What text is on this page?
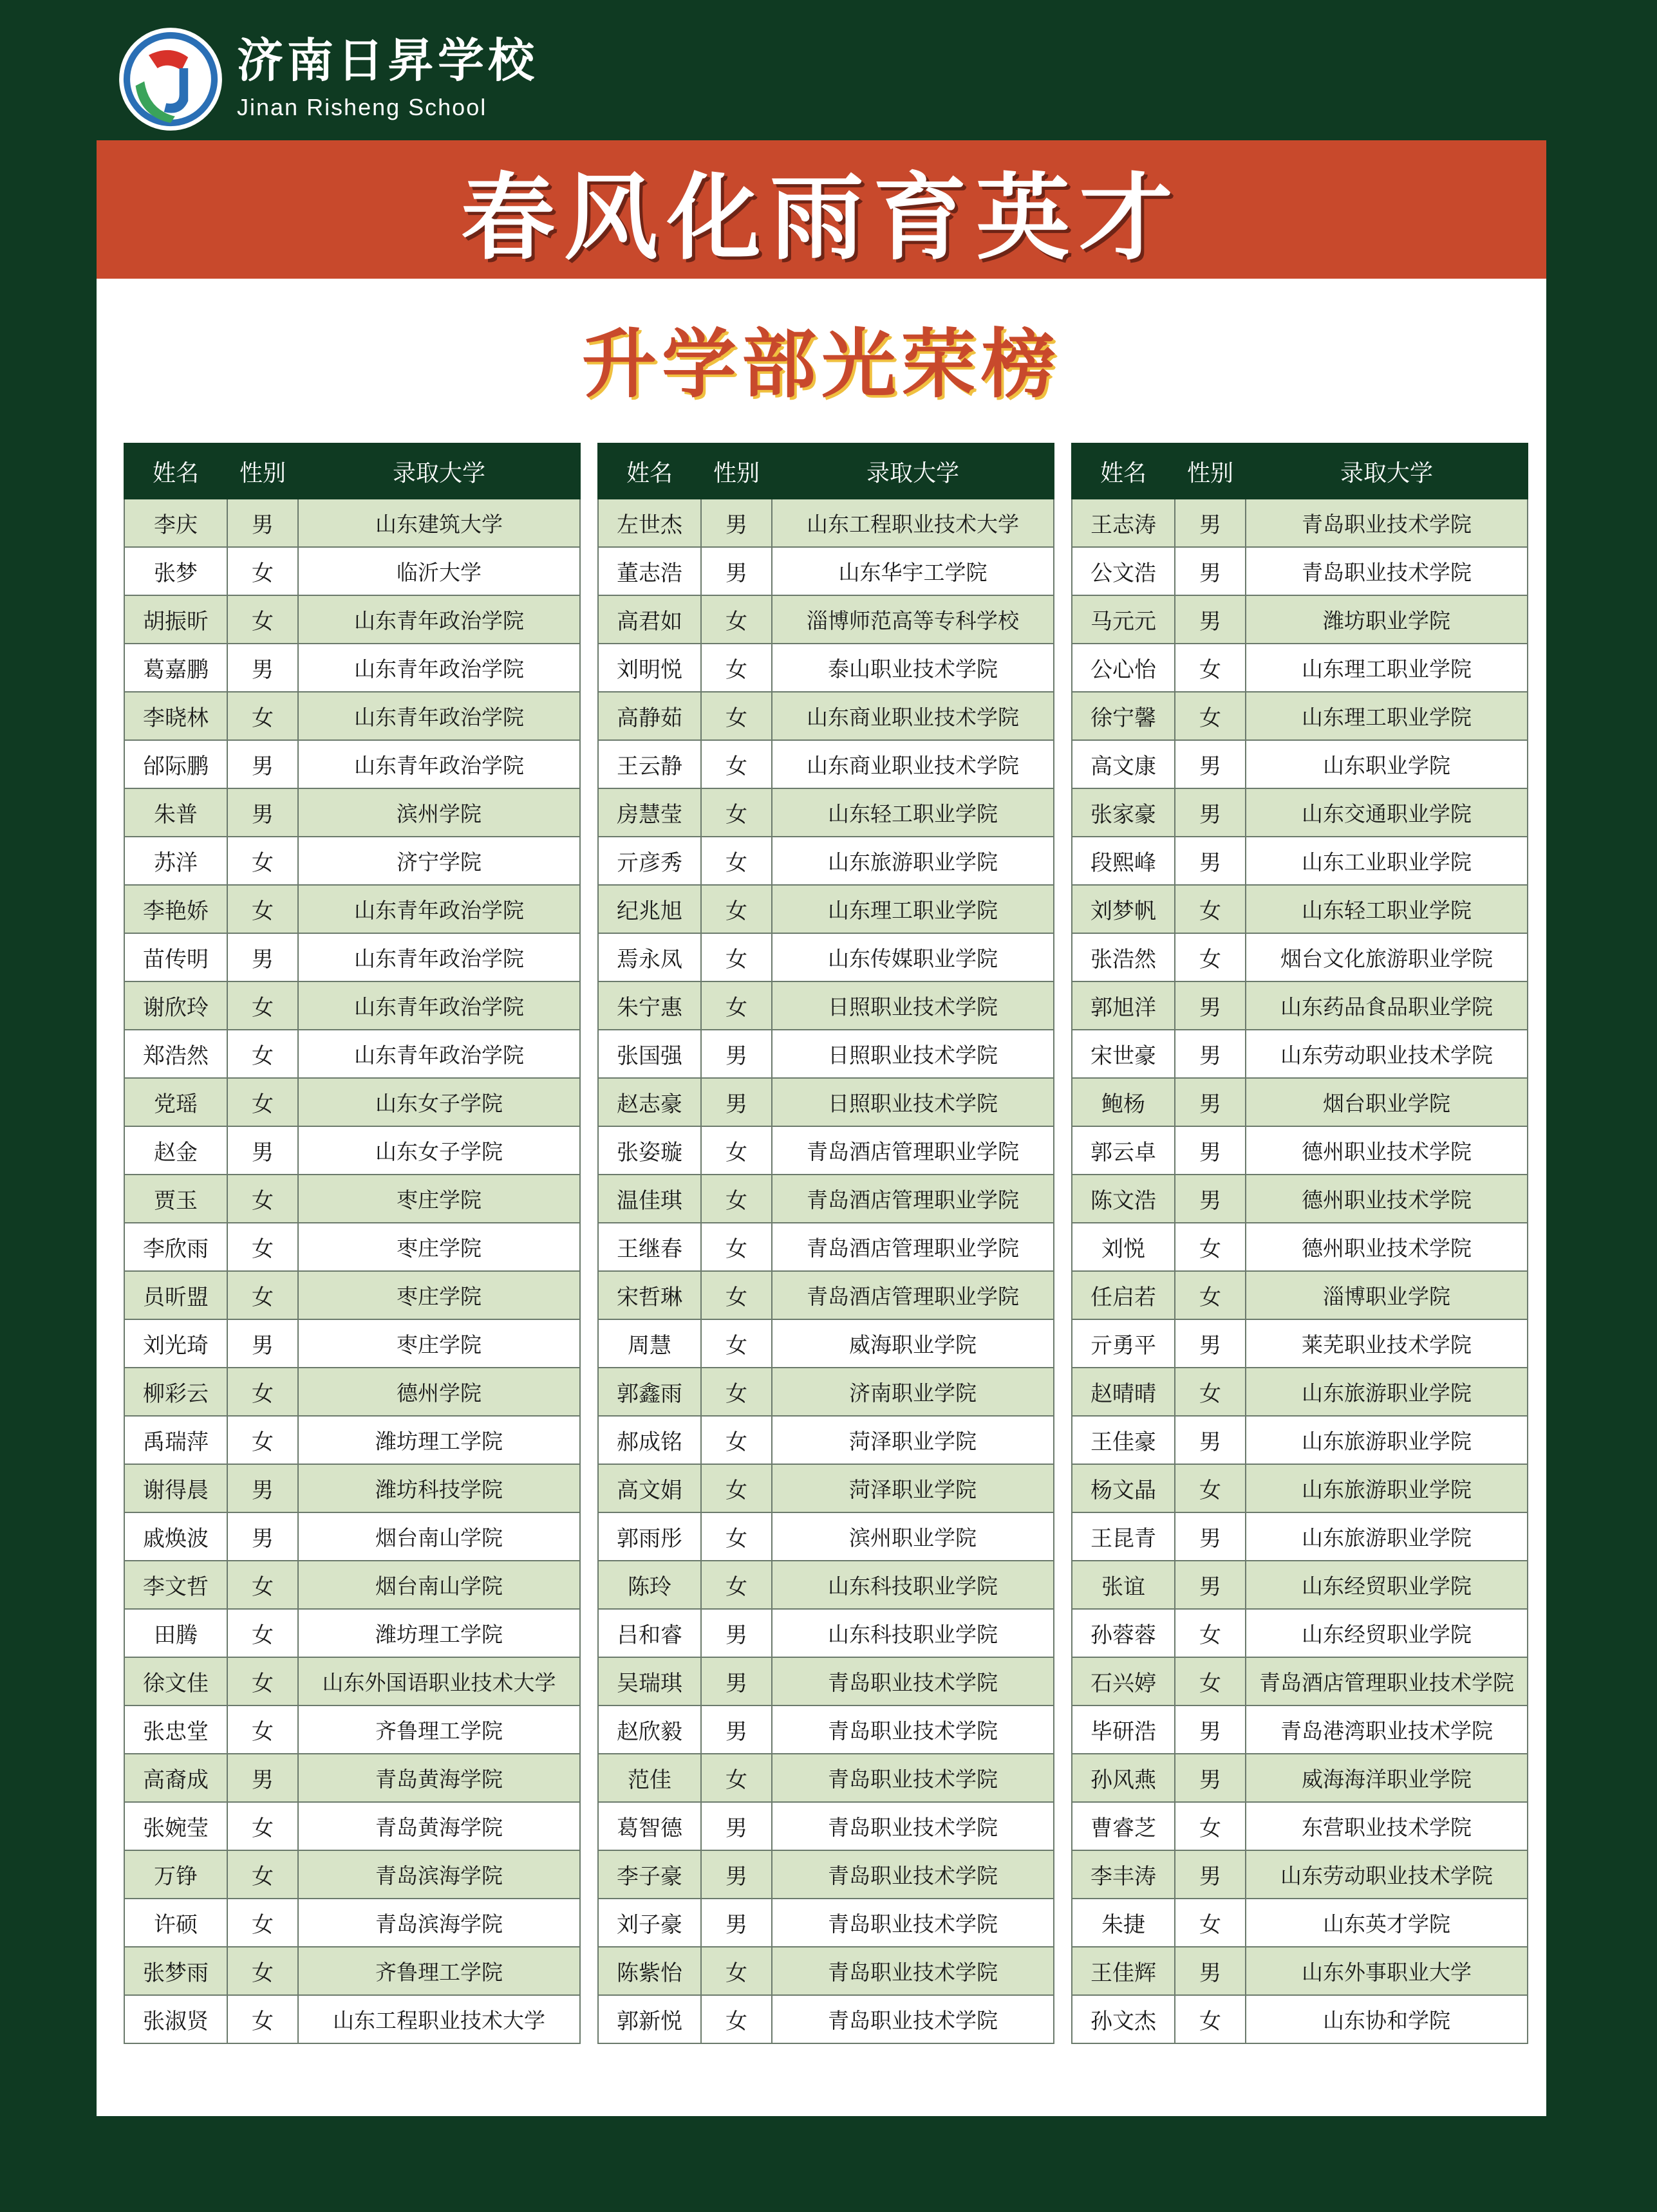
济南日昇学校
Jinan Risheng School
春风化雨育英才
升学部光荣榜
姓名	性别	录取大学
李庆	男	山东建筑大学
张梦	女	临沂大学
胡振昕	女	山东青年政治学院
葛嘉鹏	男	山东青年政治学院
李晓林	女	山东青年政治学院
邰际鹏	男	山东青年政治学院
朱普	男	滨州学院
苏洋	女	济宁学院
李艳娇	女	山东青年政治学院
苗传明	男	山东青年政治学院
谢欣玲	女	山东青年政治学院
郑浩然	女	山东青年政治学院
党瑶	女	山东女子学院
赵金	男	山东女子学院
贾玉	女	枣庄学院
李欣雨	女	枣庄学院
员昕盟	女	枣庄学院
刘光琦	男	枣庄学院
柳彩云	女	德州学院
禹瑞萍	女	潍坊理工学院
谢得晨	男	潍坊科技学院
戚焕波	男	烟台南山学院
李文哲	女	烟台南山学院
田腾	女	潍坊理工学院
徐文佳	女	山东外国语职业技术大学
张忠堂	女	齐鲁理工学院
高裔成	男	青岛黄海学院
张婉莹	女	青岛黄海学院
万铮	女	青岛滨海学院
许硕	女	青岛滨海学院
张梦雨	女	齐鲁理工学院
张淑贤	女	山东工程职业技术大学
姓名	性别	录取大学
左世杰	男	山东工程职业技术大学
董志浩	男	山东华宇工学院
高君如	女	淄博师范高等专科学校
刘明悦	女	泰山职业技术学院
高静茹	女	山东商业职业技术学院
王云静	女	山东商业职业技术学院
房慧莹	女	山东轻工职业学院
亓彦秀	女	山东旅游职业学院
纪兆旭	女	山东理工职业学院
焉永凤	女	山东传媒职业学院
朱宁惠	女	日照职业技术学院
张国强	男	日照职业技术学院
赵志豪	男	日照职业技术学院
张姿璇	女	青岛酒店管理职业学院
温佳琪	女	青岛酒店管理职业学院
王继春	女	青岛酒店管理职业学院
宋哲琳	女	青岛酒店管理职业学院
周慧	女	威海职业学院
郭鑫雨	女	济南职业学院
郝成铭	女	菏泽职业学院
高文娟	女	菏泽职业学院
郭雨彤	女	滨州职业学院
陈玲	女	山东科技职业学院
吕和睿	男	山东科技职业学院
吴瑞琪	男	青岛职业技术学院
赵欣毅	男	青岛职业技术学院
范佳	女	青岛职业技术学院
葛智德	男	青岛职业技术学院
李子豪	男	青岛职业技术学院
刘子豪	男	青岛职业技术学院
陈紫怡	女	青岛职业技术学院
郭新悦	女	青岛职业技术学院
姓名	性别	录取大学
王志涛	男	青岛职业技术学院
公文浩	男	青岛职业技术学院
马元元	男	潍坊职业学院
公心怡	女	山东理工职业学院
徐宁馨	女	山东理工职业学院
高文康	男	山东职业学院
张家豪	男	山东交通职业学院
段熙峰	男	山东工业职业学院
刘梦帆	女	山东轻工职业学院
张浩然	女	烟台文化旅游职业学院
郭旭洋	男	山东药品食品职业学院
宋世豪	男	山东劳动职业技术学院
鲍杨	男	烟台职业学院
郭云卓	男	德州职业技术学院
陈文浩	男	德州职业技术学院
刘悦	女	德州职业技术学院
任启若	女	淄博职业学院
亓勇平	男	莱芜职业技术学院
赵晴晴	女	山东旅游职业学院
王佳豪	男	山东旅游职业学院
杨文晶	女	山东旅游职业学院
王昆青	男	山东旅游职业学院
张谊	男	山东经贸职业学院
孙蓉蓉	女	山东经贸职业学院
石兴婷	女	青岛酒店管理职业技术学院
毕研浩	男	青岛港湾职业技术学院
孙风燕	男	威海海洋职业学院
曹睿芝	女	东营职业技术学院
李丰涛	男	山东劳动职业技术学院
朱捷	女	山东英才学院
王佳辉	男	山东外事职业大学
孙文杰	女	山东协和学院
